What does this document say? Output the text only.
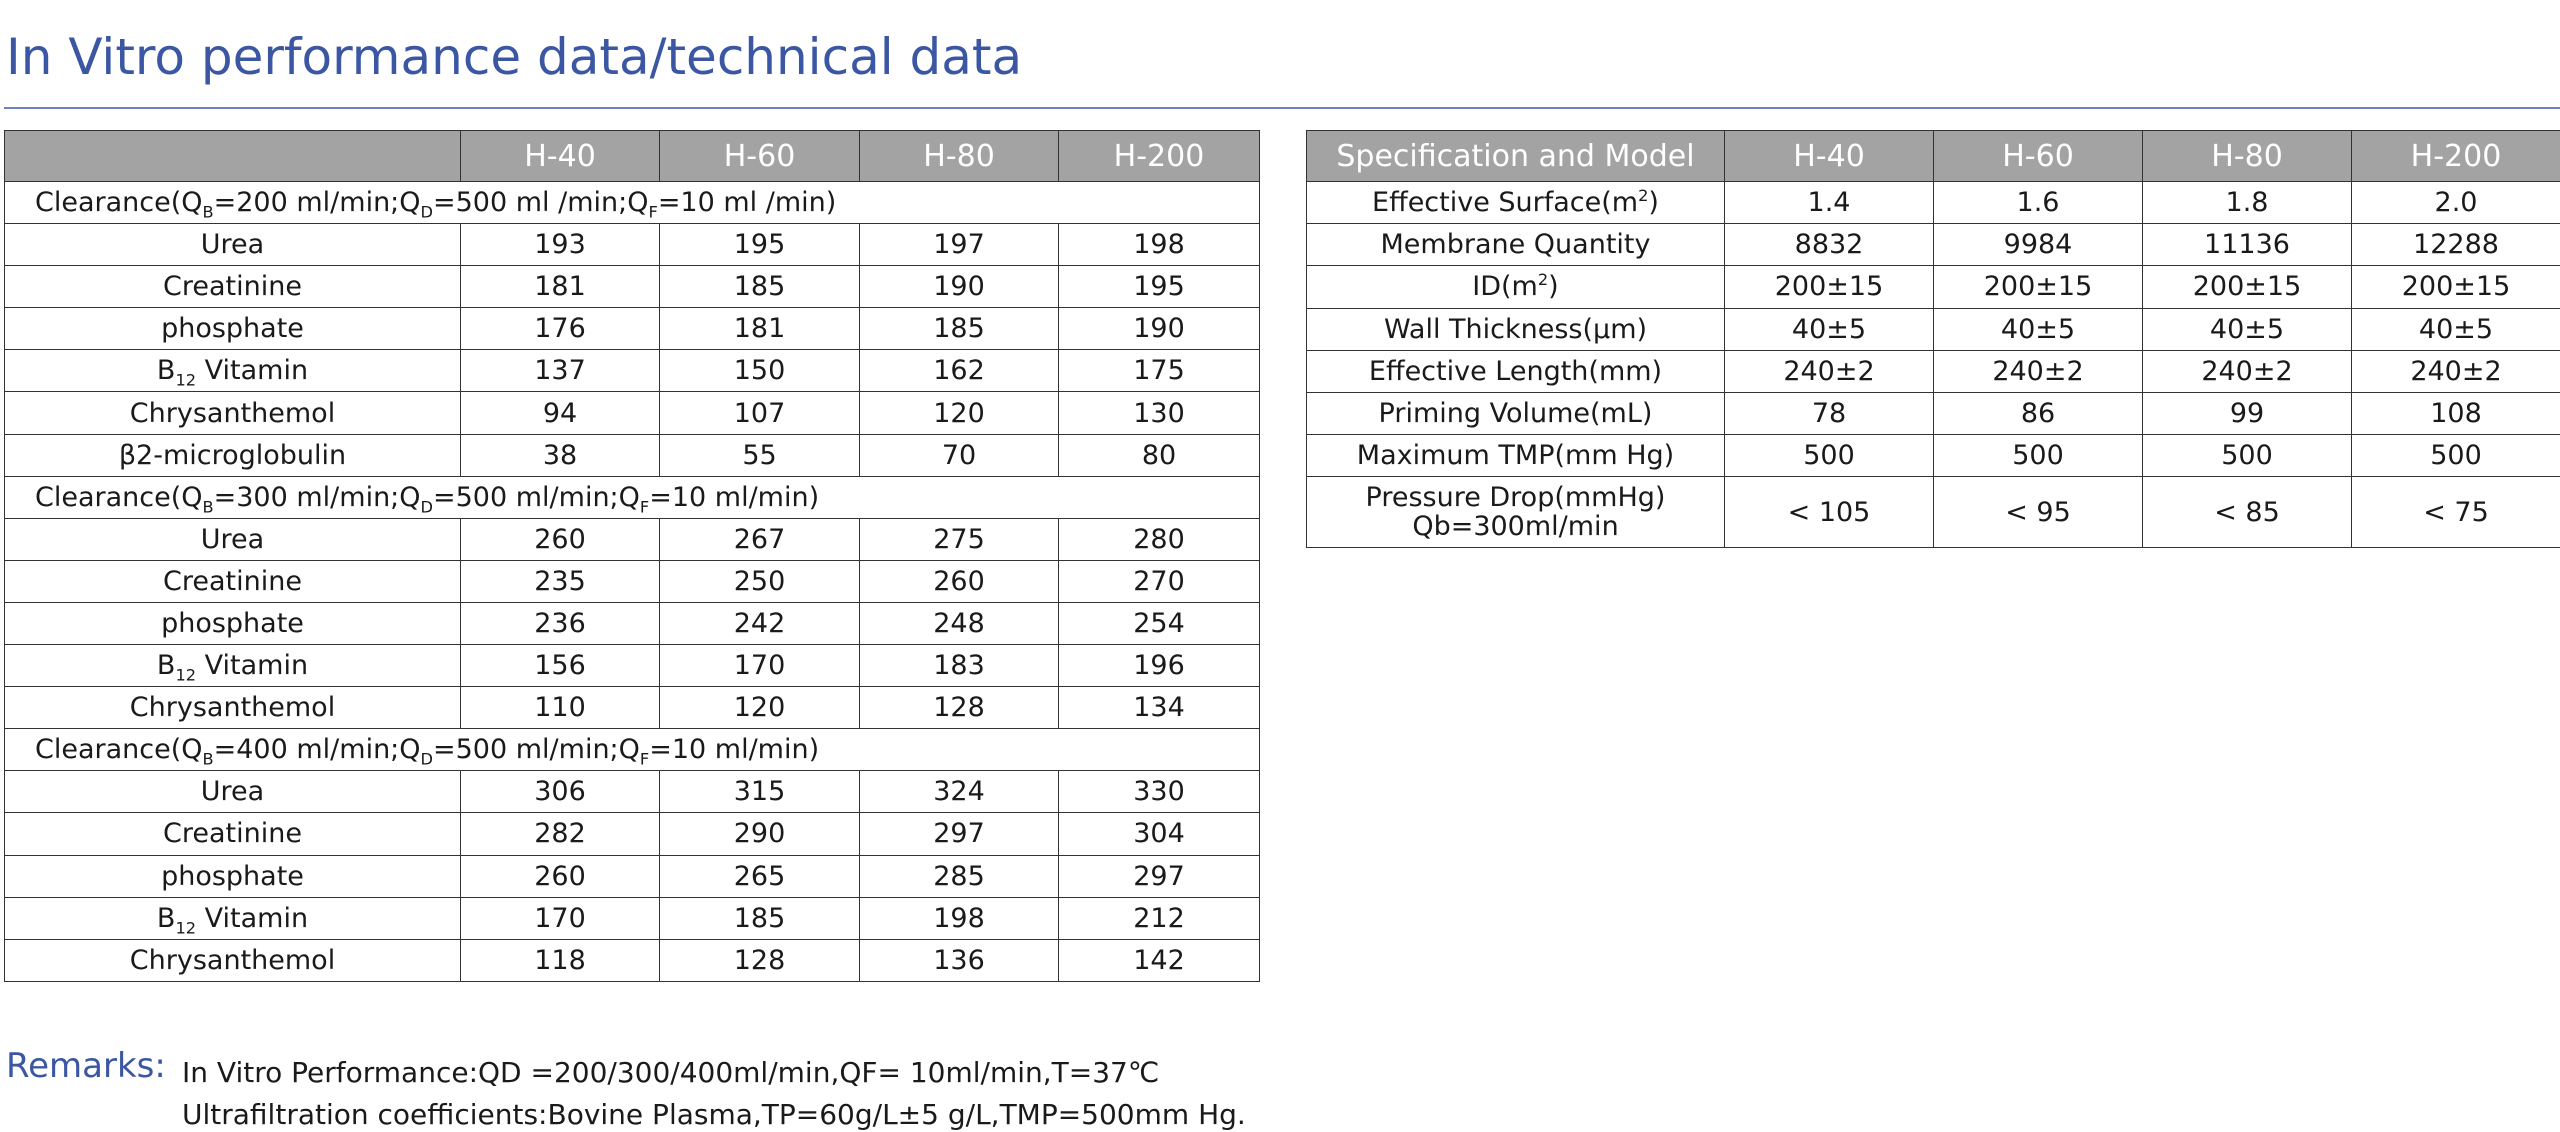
In Vitro performance data/technical data
	H-40	H-60	H-80	H-200
$Clearance(Q_B=200$ $ml/\min;Q_D=500$ ml $/\min;Q_F=10$ ml /min)				
Urea	193	195	197	198
Creatinine	181	185	190	195
phosphate	176	181	185	190
$B_{12}$ Vitamin	137	150	162	175
Chrysanthemol	94	107	120	130
β2-microglobulin	38	55	70	80
$Clearance(Q_B=300$ $ml/\min;Q_D=500$ $ml/\min;Q_F=10$ ml/min)				
Urea	260	267	275	280
Creatinine	235	250	260	270
phosphate	236	242	248	254
$B_{12}$ Vitamin	156	170	183	196
Chrysanthemol	110	120	128	134
$Clearance(Q_B=400$ $ml/\min;Q_D=500$ $ml/\min;Q_F=10$ ml/min)				
Urea	306	315	324	330
Creatinine	282	290	297	304
phosphate	260	265	285	297
$B_{12}$ Vitamin	170	185	198	212
Chrysanthemol	118	128	136	142
Specification and Model	H-40	H-60	H-80	H-200
Effective $Surface(m^2)$	1.4	1.6	1.8	2.0
Membrane Quantity	8832	9984	11136	12288
$ID(m^2)$	200±15	200±15	200±15	200±15
Wall Thickness(μm)	40±5	40±5	40±5	40±5
Effective Length(mm)	240±2	240±2	240±2	240±2
Priming Volume(mL)	78	86	99	108
Maximum TMP(mm Hg)	500	500	500	500

Pressure Drop(mmHg)
Qb=300ml/min	< 105	< 95	< 85	< 75
Remarks: In Vitro Performance:QD =200/300/400ml/min,QF= 10ml/min,T=37℃
Ultrafiltration coefficients:Bovine Plasma,TP=60g/L±5 g/L,TMP=500mm Hg.
